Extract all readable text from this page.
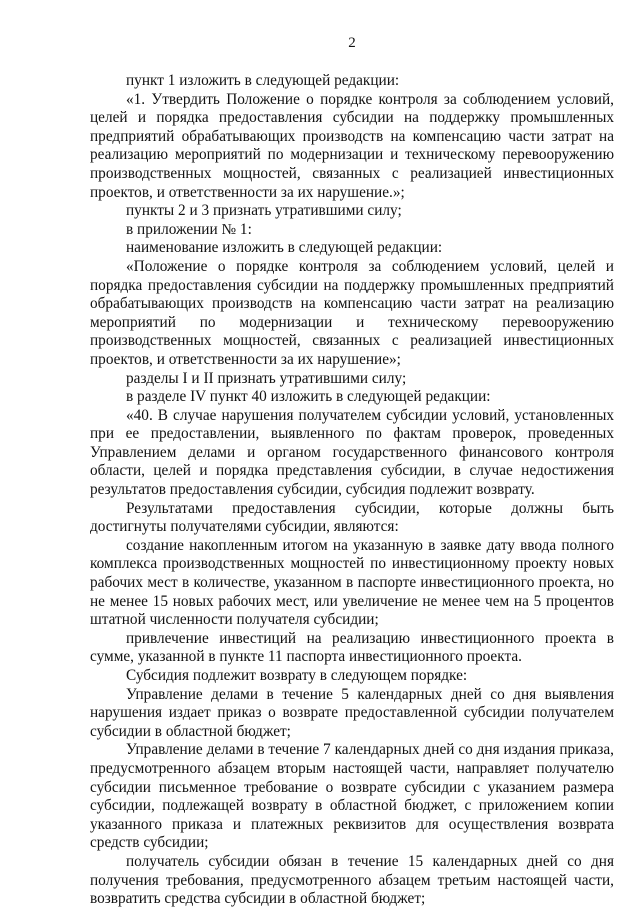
2

пункт 1 изложить в следующей редакции:

«1. Утвердить Положение о порядке контроля за соблюдением условий, целей и порядка предоставления субсидии на поддержку промышленных предприятий обрабатывающих производств на компенсацию части затрат на реализацию мероприятий по модернизации и техническому перевооружению производственных мощностей, связанных с реализацией инвестиционных проектов, и ответственности за их нарушение.»;

пункты 2 и 3 признать утратившими силу;

в приложении № 1:

наименование изложить в следующей редакции:

«Положение о порядке контроля за соблюдением условий, целей и порядка предоставления субсидии на поддержку промышленных предприятий обрабатывающих производств на компенсацию части затрат на реализацию мероприятий по модернизации и техническому перевооружению производственных мощностей, связанных с реализацией инвестиционных проектов, и ответственности за их нарушение»;

разделы I и II признать утратившими силу;

в разделе IV пункт 40 изложить в следующей редакции:

«40. В случае нарушения получателем субсидии условий, установленных при ее предоставлении, выявленного по фактам проверок, проведенных Управлением делами и органом государственного финансового контроля области, целей и порядка представления субсидии, в случае недостижения результатов предоставления субсидии, субсидия подлежит возврату.

Результатами предоставления субсидии, которые должны быть достигнуты получателями субсидии, являются:

создание накопленным итогом на указанную в заявке дату ввода полного комплекса производственных мощностей по инвестиционному проекту новых рабочих мест в количестве, указанном в паспорте инвестиционного проекта, но не менее 15 новых рабочих мест, или увеличение не менее чем на 5 процентов штатной численности получателя субсидии;

привлечение инвестиций на реализацию инвестиционного проекта в сумме, указанной в пункте 11 паспорта инвестиционного проекта.

Субсидия подлежит возврату в следующем порядке:

Управление делами в течение 5 календарных дней со дня выявления нарушения издает приказ о возврате предоставленной субсидии получателем субсидии в областной бюджет;

Управление делами в течение 7 календарных дней со дня издания приказа, предусмотренного абзацем вторым настоящей части, направляет получателю субсидии письменное требование о возврате субсидии с указанием размера субсидии, подлежащей возврату в областной бюджет, с приложением копии указанного приказа и платежных реквизитов для осуществления возврата средств субсидии;

получатель субсидии обязан в течение 15 календарных дней со дня получения требования, предусмотренного абзацем третьим настоящей части, возвратить средства субсидии в областной бюджет;
